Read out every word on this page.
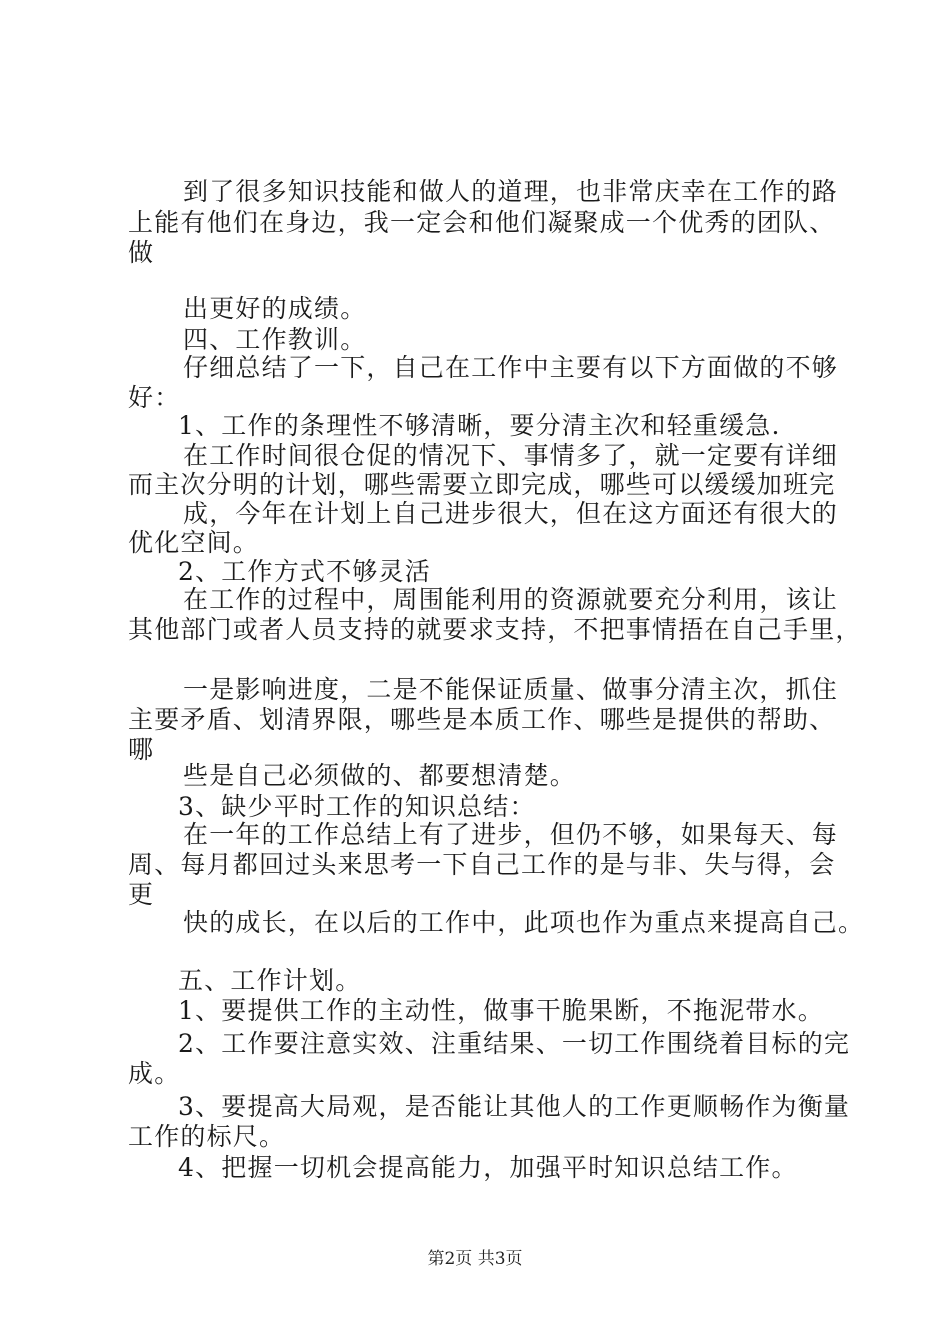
到了很多知识技能和做人的道理，也非常庆幸在工作的路
上能有他们在身边，我一定会和他们凝聚成一个优秀的团队、
做
出更好的成绩。
四、工作教训。
仔细总结了一下，自己在工作中主要有以下方面做的不够
好：
1、工作的条理性不够清晰，要分清主次和轻重缓急.
在工作时间很仓促的情况下、事情多了，就一定要有详细
而主次分明的计划，哪些需要立即完成，哪些可以缓缓加班完
成，今年在计划上自己进步很大，但在这方面还有很大的
优化空间。
2、工作方式不够灵活
在工作的过程中，周围能利用的资源就要充分利用，该让
其他部门或者人员支持的就要求支持，不把事情捂在自己手里，
一是影响进度，二是不能保证质量、做事分清主次，抓住
主要矛盾、划清界限，哪些是本质工作、哪些是提供的帮助、
哪
些是自己必须做的、都要想清楚。
3、缺少平时工作的知识总结：
在一年的工作总结上有了进步，但仍不够，如果每天、每
周、每月都回过头来思考一下自己工作的是与非、失与得，会
更
快的成长，在以后的工作中，此项也作为重点来提高自己。
五、工作计划。
1、要提供工作的主动性，做事干脆果断，不拖泥带水。
2、工作要注意实效、注重结果、一切工作围绕着目标的完
成。
3、要提高大局观，是否能让其他人的工作更顺畅作为衡量
工作的标尺。
4、把握一切机会提高能力，加强平时知识总结工作。
第2页 共3页
